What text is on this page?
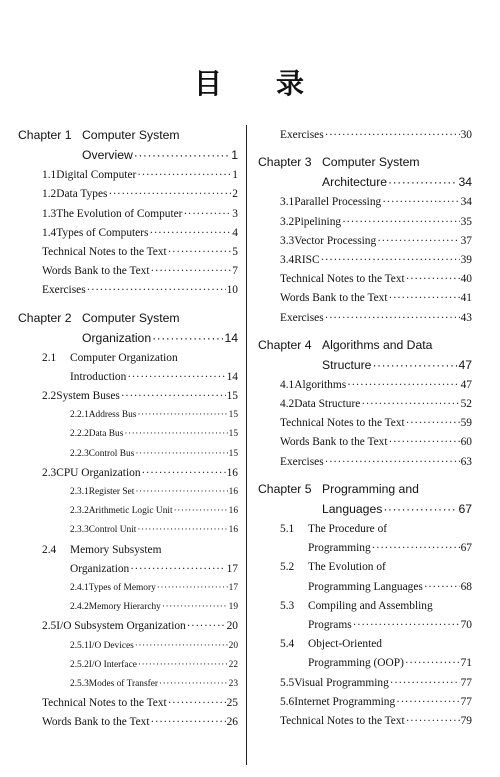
目 录
Chapter 1 Computer System
Overview ·····	1
1.1 Digital Computer ·····	1
1.2 Data Types ·····	2
1.3 The Evolution of Computer ·····	3
1.4 Types of Computers ·····	4
Technical Notes to the Text ·····	5
Words Bank to the Text ·····	7
Exercises ·····	10
Chapter 2 Computer System
Organization ·····	14
2.1	Computer Organization
Introduction ·····	14
2.2 System Buses ·····	15
2.2.1 Address Bus ·····	15
2.2.2 Data Bus ·····	15
2.2.3 Control Bus ·····	15
2.3 CPU Organization ·····	16
2.3.1 Register Set ·····	16
2.3.2 Arithmetic Logic Unit ·····	16
2.3.3 Control Unit ·····	16
2.4	Memory Subsystem
Organization ·····	17
2.4.1 Types of Memory ·····	17
2.4.2 Memory Hierarchy ·····	19
2.5 I/O Subsystem Organization ·····	20
2.5.1 I/O Devices ·····	20
2.5.2 I/O Interface ·····	22
2.5.3 Modes of Transfer ·····	23
Technical Notes to the Text ·····	25
Words Bank to the Text ·····	26
Exercises ·····	30
Chapter 3 Computer System
Architecture ·····	34
3.1 Parallel Processing ·····	34
3.2 Pipelining ·····	35
3.3 Vector Processing ·····	37
3.4 RISC ·····	39
Technical Notes to the Text ·····	40
Words Bank to the Text ·····	41
Exercises ·····	43
Chapter 4 Algorithms and Data
Structure ·····	47
4.1 Algorithms ·····	47
4.2 Data Structure ·····	52
Technical Notes to the Text ·····	59
Words Bank to the Text ·····	60
Exercises ·····	63
Chapter 5 Programming and
Languages ·····	67
5.1	The Procedure of
Programming ·····	67
5.2	The Evolution of
Programming Languages ·····	68
5.3	Compiling and Assembling
Programs ·····	70
5.4	Object-Oriented
Programming (OOP) ·····	71
5.5 Visual Programming ·····	77
5.6 Internet Programming ·····	77
Technical Notes to the Text ·····	79
